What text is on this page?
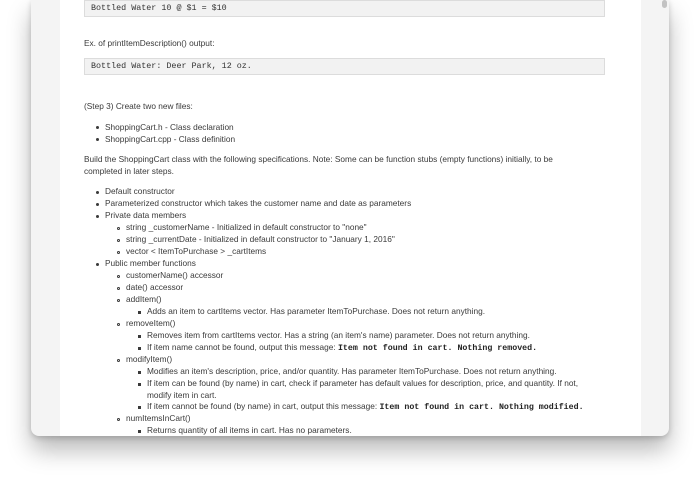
Bottled Water 10 @ $1 = $10
Ex. of printItemDescription() output:
Bottled Water: Deer Park, 12 oz.
(Step 3) Create two new files:
ShoppingCart.h - Class declaration
ShoppingCart.cpp - Class definition
Build the ShoppingCart class with the following specifications. Note: Some can be function stubs (empty functions) initially, to be
completed in later steps.
Default constructor
Parameterized constructor which takes the customer name and date as parameters
Private data members
string _customerName - Initialized in default constructor to "none"
string _currentDate - Initialized in default constructor to "January 1, 2016"
vector < ItemToPurchase > _cartItems
Public member functions
customerName() accessor
date() accessor
addItem()
Adds an item to cartItems vector. Has parameter ItemToPurchase. Does not return anything.
removeItem()
Removes item from cartItems vector. Has a string (an item's name) parameter. Does not return anything.
If item name cannot be found, output this message: Item not found in cart. Nothing removed.
modifyItem()
Modifies an item's description, price, and/or quantity. Has parameter ItemToPurchase. Does not return anything.
If item can be found (by name) in cart, check if parameter has default values for description, price, and quantity. If not,
modify item in cart.
If item cannot be found (by name) in cart, output this message: Item not found in cart. Nothing modified.
numItemsInCart()
Returns quantity of all items in cart. Has no parameters.
